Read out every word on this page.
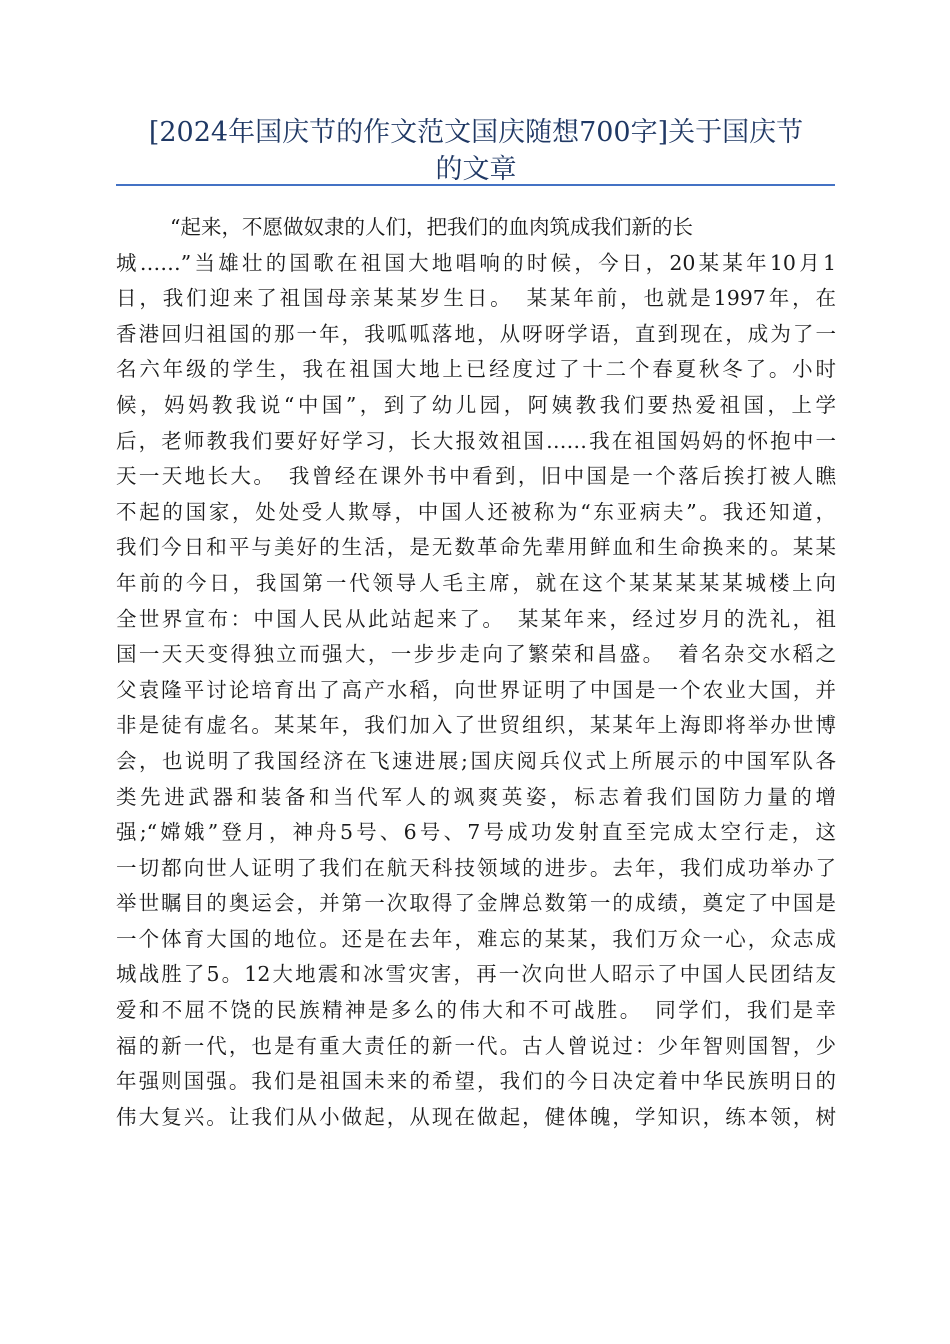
[2024年国庆节的作文范文国庆随想700字]关于国庆节
的文章
“起来，不愿做奴隶的人们，把我们的血肉筑成我们新的长
城……”当雄壮的国歌在祖国大地唱响的时候，今日，20某某年10月1
日，我们迎来了祖国母亲某某岁生日。　某某年前，也就是1997年，在
香港回归祖国的那一年，我呱呱落地，从呀呀学语，直到现在，成为了一
名六年级的学生，我在祖国大地上已经度过了十二个春夏秋冬了。小时
候，妈妈教我说“中国”，到了幼儿园，阿姨教我们要热爱祖国，上学
后，老师教我们要好好学习，长大报效祖国……我在祖国妈妈的怀抱中一
天一天地长大。　我曾经在课外书中看到，旧中国是一个落后挨打被人瞧
不起的国家，处处受人欺辱，中国人还被称为“东亚病夫”。我还知道，
我们今日和平与美好的生活，是无数革命先辈用鲜血和生命换来的。某某
年前的今日，我国第一代领导人毛主席，就在这个某某某某某城楼上向
全世界宣布：中国人民从此站起来了。　某某年来，经过岁月的洗礼，祖
国一天天变得独立而强大，一步步走向了繁荣和昌盛。　着名杂交水稻之
父袁隆平讨论培育出了高产水稻，向世界证明了中国是一个农业大国，并
非是徒有虚名。某某年，我们加入了世贸组织，某某年上海即将举办世博
会，也说明了我国经济在飞速进展;国庆阅兵仪式上所展示的中国军队各
类先进武器和装备和当代军人的飒爽英姿，标志着我们国防力量的增
强;“嫦娥”登月，神舟5号、6号、7号成功发射直至完成太空行走，这
一切都向世人证明了我们在航天科技领域的进步。去年，我们成功举办了
举世瞩目的奥运会，并第一次取得了金牌总数第一的成绩，奠定了中国是
一个体育大国的地位。还是在去年，难忘的某某，我们万众一心，众志成
城战胜了5。12大地震和冰雪灾害，再一次向世人昭示了中国人民团结友
爱和不屈不饶的民族精神是多么的伟大和不可战胜。　同学们，我们是幸
福的新一代，也是有重大责任的新一代。古人曾说过：少年智则国智，少
年强则国强。我们是祖国未来的希望，我们的今日决定着中华民族明日的
伟大复兴。让我们从小做起，从现在做起，健体魄，学知识，练本领，树
